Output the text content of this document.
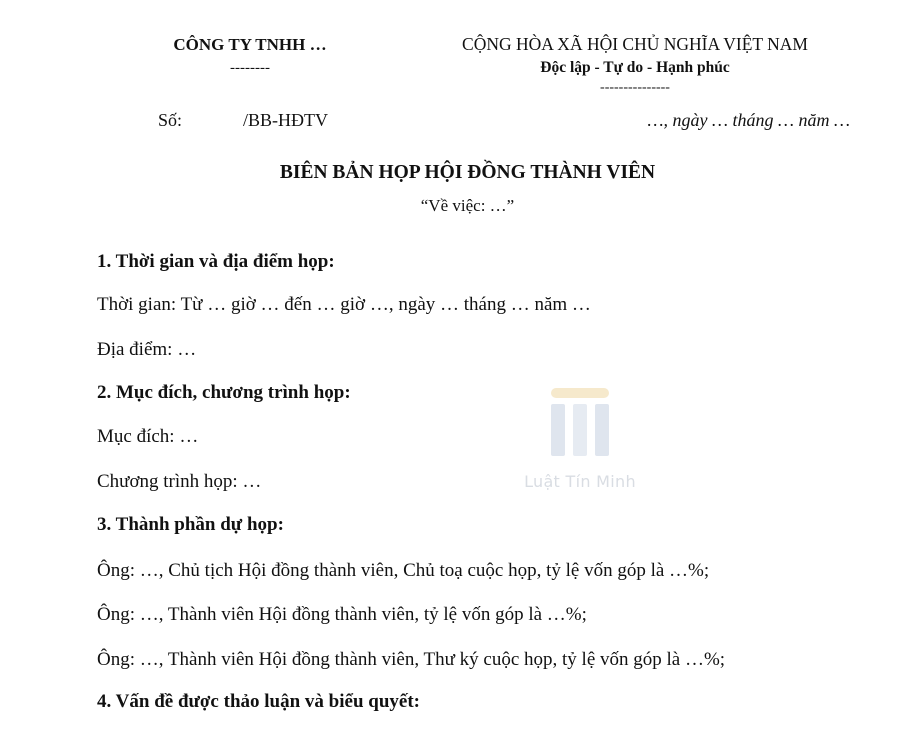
CÔNG TY TNHH …
--------
CỘNG HÒA XÃ HỘI CHỦ NGHĨA VIỆT NAM
Độc lập - Tự do - Hạnh phúc
---------------
Số:	/BB-HĐTV	…, ngày … tháng … năm …
BIÊN BẢN HỌP HỘI ĐỒNG THÀNH VIÊN
“Về việc: …”
1. Thời gian và địa điểm họp:
Thời gian: Từ … giờ … đến … giờ …, ngày … tháng … năm …
Địa điểm: …
2. Mục đích, chương trình họp:
Mục đích: …
Chương trình họp: …
3. Thành phần dự họp:
Ông: …, Chủ tịch Hội đồng thành viên, Chủ toạ cuộc họp, tỷ lệ vốn góp là …%;
Ông: …, Thành viên Hội đồng thành viên, tỷ lệ vốn góp là …%;
Ông: …, Thành viên Hội đồng thành viên, Thư ký cuộc họp, tỷ lệ vốn góp là …%;
4. Vấn đề được thảo luận và biểu quyết:
Luật Tín Minh
